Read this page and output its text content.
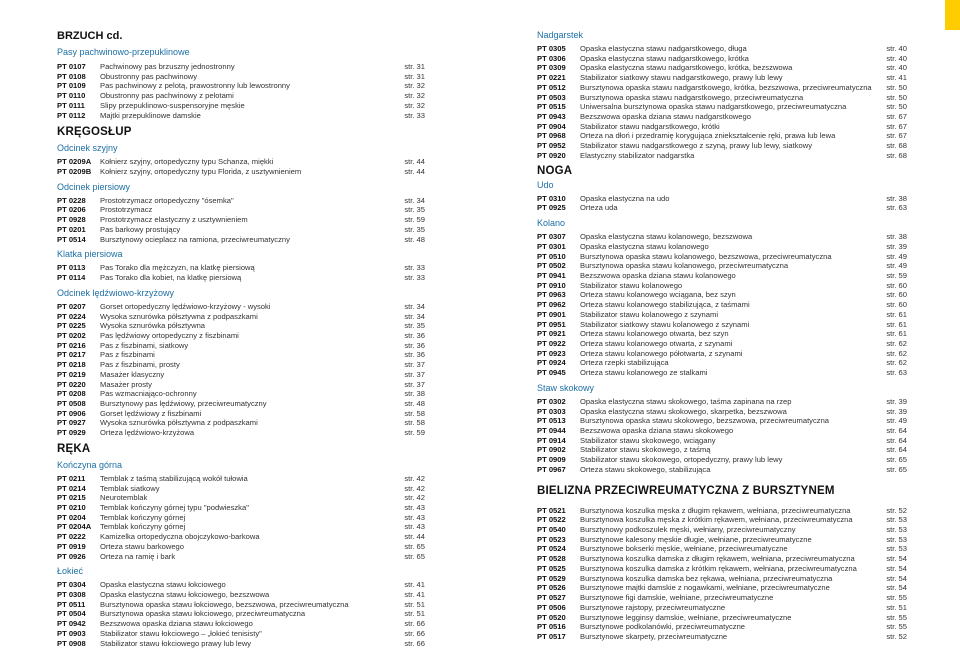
BRZUCH cd.
Pasy pachwinowo-przepuklinowe
PT 0107	Pachwinowy pas brzuszny jednostronny	str. 31
PT 0108	Obustronny pas pachwinowy	str. 31
PT 0109	Pas pachwinowy z pelotą, prawostronny lub lewostronny	str. 32
PT 0110	Obustronny pas pachwinowy z pelotami	str. 32
PT 0111	Slipy przepuklinowo-suspensoryjne męskie	str. 32
PT 0112	Majtki przepuklinowe damskie	str. 33
KRĘGOSŁUP
Odcinek szyjny
PT 0209A	Kołnierz szyjny, ortopedyczny typu Schanza, miękki	str. 44
PT 0209B	Kołnierz szyjny, ortopedyczny typu Florida, z usztywnieniem	str. 44
Odcinek piersiowy
PT 0228	Prostotrzymacz ortopedyczny "ósemka"	str. 34
PT 0206	Prostotrzymacz	str. 35
PT 0928	Prostotrzymacz elastyczny z usztywnieniem	str. 59
PT 0201	Pas barkowy prostujący	str. 35
PT 0514	Bursztynowy ocieplacz na ramiona, przeciwreumatyczny	str. 48
Klatka piersiowa
PT 0113	Pas Torako dla mężczyzn, na klatkę piersiową	str. 33
PT 0114	Pas Torako dla kobiet, na klatkę piersiową	str. 33
Odcinek lędźwiowo-krzyżowy
PT 0207	Gorset ortopedyczny lędźwiowo-krzyżowy - wysoki	str. 34
PT 0224	Wysoka sznurówka półsztywna z podpaszkami	str. 34
PT 0225	Wysoka sznurówka półsztywna	str. 35
PT 0202	Pas lędźwiowy ortopedyczny z fiszbinami	str. 36
PT 0216	Pas z fiszbinami, siatkowy	str. 36
PT 0217	Pas z fiszbinami	str. 36
PT 0218	Pas z fiszbinami, prosty	str. 37
PT 0219	Masażer klasyczny	str. 37
PT 0220	Masażer prosty	str. 37
PT 0208	Pas wzmacniająco-ochronny	str. 38
PT 0508	Bursztynowy pas lędźwiowy, przeciwreumatyczny	str. 48
PT 0906	Gorset lędźwiowy z fiszbinami	str. 58
PT 0927	Wysoka sznurówka półsztywna z podpaszkami	str. 58
PT 0929	Orteza lędźwiowo-krzyżowa	str. 59
RĘKA
Kończyna górna
PT 0211	Temblak z taśmą stabilizującą wokół tułowia	str. 42
PT 0214	Temblak siatkowy	str. 42
PT 0215	Neurotemblak	str. 42
PT 0210	Temblak kończyny górnej typu "podwieszka"	str. 43
PT 0204	Temblak kończyny górnej	str. 43
PT 0204A	Temblak kończyny górnej	str. 43
PT 0222	Kamizelka ortopedyczna obojczykowo-barkowa	str. 44
PT 0919	Orteza stawu barkowego	str. 65
PT 0926	Orteza na ramię i bark	str. 65
Łokieć
PT 0304	Opaska elastyczna stawu łokciowego	str. 41
PT 0308	Opaska elastyczna stawu łokciowego, bezszwowa	str. 41
PT 0511	Bursztynowa opaska stawu łokciowego, bezszwowa, przeciwreumatyczna	str. 51
PT 0504	Bursztynowa opaska stawu łokciowego, przeciwreumatyczna	str. 51
PT 0942	Bezszwowa opaska dziana stawu łokciowego	str. 66
PT 0903	Stabilizator stawu łokciowego – „łokieć tenisisty"	str. 66
PT 0908	Stabilizator stawu łokciowego prawy lub lewy	str. 66
Nadgarstek
PT 0305	Opaska elastyczna stawu nadgarstkowego, długa	str. 40
PT 0306	Opaska elastyczna stawu nadgarstkowego, krótka	str. 40
PT 0309	Opaska elastyczna stawu nadgarstkowego, krótka, bezszwowa	str. 40
PT 0221	Stabilizator siatkowy stawu nadgarstkowego, prawy lub lewy	str. 41
PT 0512	Bursztynowa opaska stawu nadgarstkowego, krótka, bezszwowa, przeciwreumatyczna	str. 50
PT 0503	Bursztynowa opaska stawu nadgarstkowego, przeciwreumatyczna	str. 50
PT 0515	Uniwersalna bursztynowa opaska stawu nadgarstkowego, przeciwreumatyczna	str. 50
PT 0943	Bezszwowa opaska dziana stawu nadgarstkowego	str. 67
PT 0904	Stabilizator stawu nadgarstkowego, krótki	str. 67
PT 0968	Orteza na dłoń i przedramię korygująca zniekształcenie ręki, prawa lub lewa	str. 67
PT 0952	Stabilizator stawu nadgarstkowego z szyną, prawy lub lewy, siatkowy	str. 68
PT 0920	Elastyczny stabilizator nadgarstka	str. 68
NOGA
Udo
PT 0310	Opaska elastyczna na udo	str. 38
PT 0925	Orteza uda	str. 63
Kolano
PT 0307	Opaska elastyczna stawu kolanowego, bezszwowa	str. 38
PT 0301	Opaska elastyczna stawu kolanowego	str. 39
PT 0510	Bursztynowa opaska stawu kolanowego, bezszwowa, przeciwreumatyczna	str. 49
PT 0502	Bursztynowa opaska stawu kolanowego, przeciwreumatyczna	str. 49
PT 0941	Bezszwowa opaska dziana stawu kolanowego	str. 59
PT 0910	Stabilizator stawu kolanowego	str. 60
PT 0963	Orteza stawu kolanowego wciągana, bez szyn	str. 60
PT 0962	Orteza stawu kolanowego stabilizująca, z taśmami	str. 60
PT 0901	Stabilizator stawu kolanowego z szynami	str. 61
PT 0951	Stabilizator siatkowy stawu kolanowego z szynami	str. 61
PT 0921	Orteza stawu kolanowego otwarta, bez szyn	str. 61
PT 0922	Orteza stawu kolanowego otwarta, z szynami	str. 62
PT 0923	Orteza stawu kolanowego półotwarta, z szynami	str. 62
PT 0924	Orteza rzepki stabilizująca	str. 62
PT 0945	Orteza stawu kolanowego ze stalkami	str. 63
Staw skokowy
PT 0302	Opaska elastyczna stawu skokowego, taśma zapinana na rzep	str. 39
PT 0303	Opaska elastyczna stawu skokowego, skarpetka, bezszwowa	str. 39
PT 0513	Bursztynowa opaska stawu skokowego, bezszwowa, przeciwreumatyczna	str. 49
PT 0944	Bezszwowa opaska dziana stawu skokowego	str. 64
PT 0914	Stabilizator stawu skokowego, wciągany	str. 64
PT 0902	Stabilizator stawu skokowego, z taśmą	str. 64
PT 0909	Stabilizator stawu skokowego, ortopedyczny, prawy lub lewy	str. 65
PT 0967	Orteza stawu skokowego, stabilizująca	str. 65
BIELIZNA PRZECIWREUMATYCZNA Z BURSZTYNEM
PT 0521	Bursztynowa koszulka męska z długim rękawem, wełniana, przeciwreumatyczna	str. 52
PT 0522	Bursztynowa koszulka męska z krótkim rękawem, wełniana, przeciwreumatyczna	str. 53
PT 0540	Bursztynowy podkoszulek męski, wełniany, przeciwreumatyczny	str. 53
PT 0523	Bursztynowe kalesony męskie długie, wełniane, przeciwreumatyczne	str. 53
PT 0524	Bursztynowe bokserki męskie, wełniane, przeciwreumatyczne	str. 53
PT 0528	Bursztynowa koszulka damska z długim rękawem, wełniana, przeciwreumatyczna	str. 54
PT 0525	Bursztynowa koszulka damska z krótkim rękawem, wełniana, przeciwreumatyczna	str. 54
PT 0529	Bursztynowa koszulka damska bez rękawa, wełniana, przeciwreumatyczna	str. 54
PT 0526	Bursztynowe majtki damskie z nogawkami, wełniane, przeciwreumatyczne	str. 54
PT 0527	Bursztynowe figi damskie, wełniane, przeciwreumatyczne	str. 55
PT 0506	Bursztynowe rajstopy, przeciwreumatyczne	str. 51
PT 0520	Bursztynowe legginsy damskie, wełniane, przeciwreumatyczne	str. 55
PT 0516	Bursztynowe podkolanówki, przeciwreumatyczne	str. 55
PT 0517	Bursztynowe skarpety, przeciwreumatyczne	str. 52
